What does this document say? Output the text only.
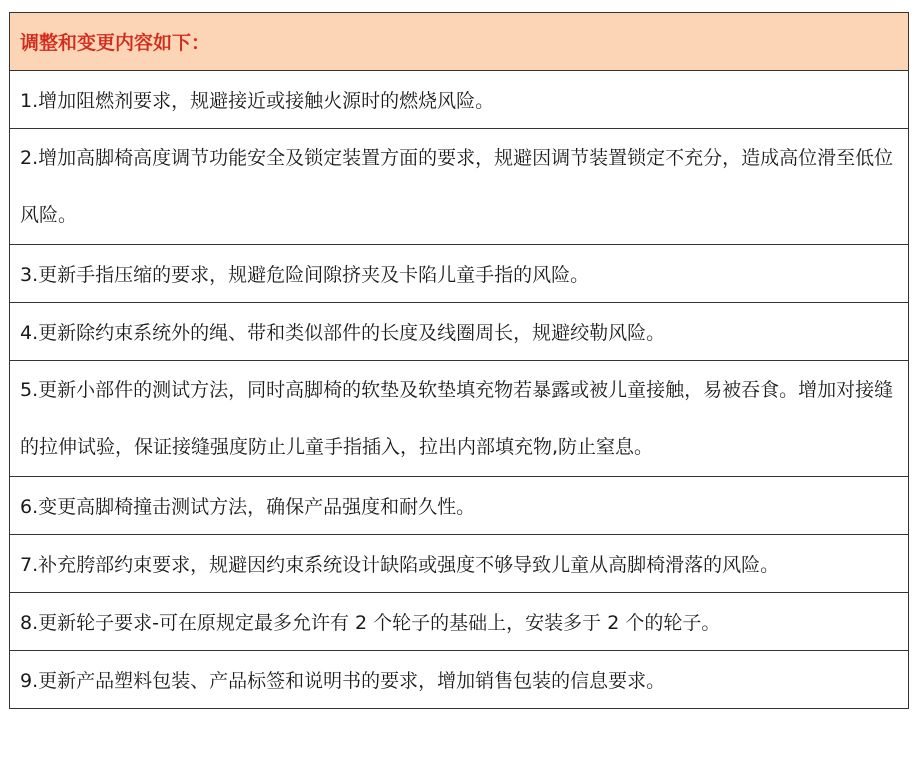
调整和变更内容如下：
1.增加阻燃剂要求，规避接近或接触火源时的燃烧风险。
2.增加高脚椅高度调节功能安全及锁定装置方面的要求，规避因调节装置锁定不充分，造成高位滑至低位风险。
3.更新手指压缩的要求，规避危险间隙挤夹及卡陷儿童手指的风险。
4.更新除约束系统外的绳、带和类似部件的长度及线圈周长，规避绞勒风险。
5.更新小部件的测试方法，同时高脚椅的软垫及软垫填充物若暴露或被儿童接触，易被吞食。增加对接缝的拉伸试验，保证接缝强度防止儿童手指插入，拉出内部填充物,防止窒息。
6.变更高脚椅撞击测试方法，确保产品强度和耐久性。
7.补充胯部约束要求，规避因约束系统设计缺陷或强度不够导致儿童从高脚椅滑落的风险。
8.更新轮子要求-可在原规定最多允许有 2 个轮子的基础上，安装多于 2 个的轮子。
9.更新产品塑料包装、产品标签和说明书的要求，增加销售包装的信息要求。
